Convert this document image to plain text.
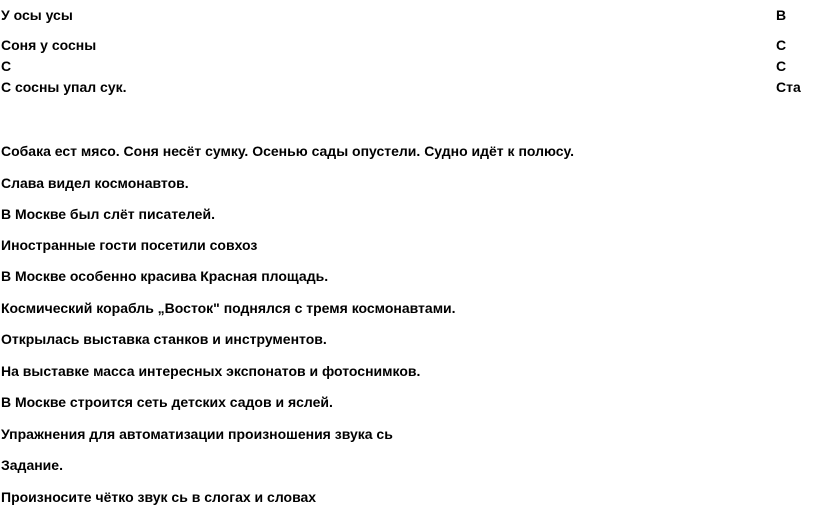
У осы усы	В
Соня у сосны	С
С	С
С сосны упал сук.	Ста
Собака ест мясо. Соня несёт сумку. Осенью сады опустели. Судно идёт к полюсу.
Слава видел космонавтов.
В Москве был слёт писателей.
Иностранные гости посетили совхоз
В Москве особенно красива Красная площадь.
Космический корабль „Восток" поднялся с тремя космонавтами.
Открылась выставка станков и инструментов.
На выставке масса интересных экспонатов и фотоснимков.
В Москве строится сеть детских садов и яслей.
Упражнения для автоматизации произношения звука сь
Задание.
Произносите чётко звук сь в слогах и словах
